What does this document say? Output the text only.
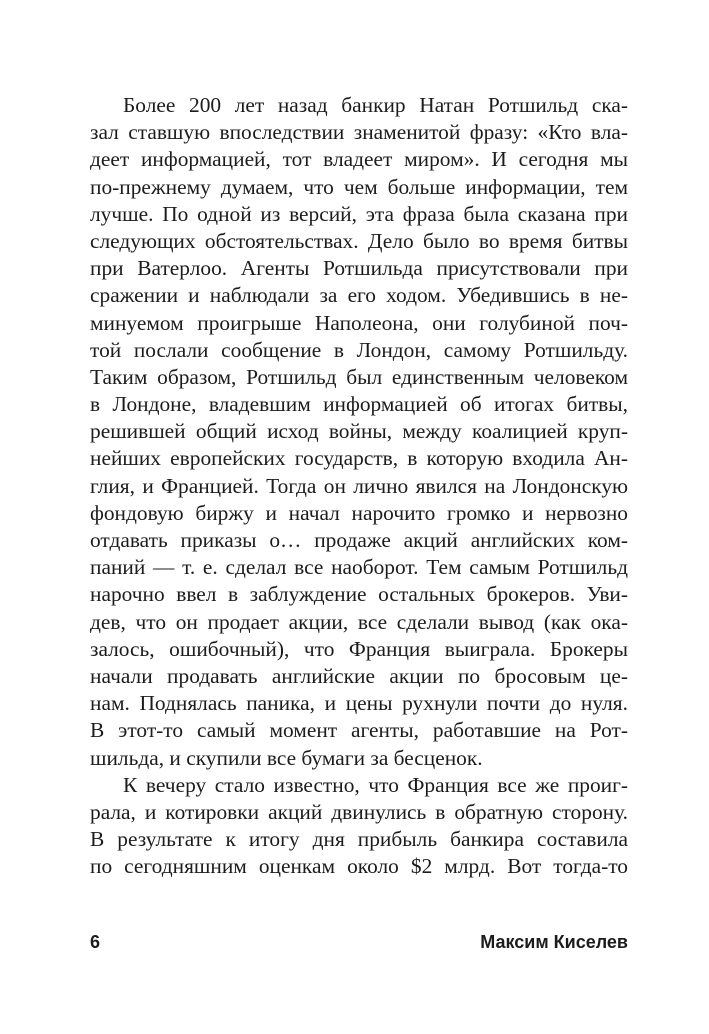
Более 200 лет назад банкир Натан Ротшильд ска-
зал ставшую впоследствии знаменитой фразу: «Кто вла-
деет информацией, тот владеет миром». И сегодня мы
по-прежнему думаем, что чем больше информации, тем
лучше. По одной из версий, эта фраза была сказана при
следующих обстоятельствах. Дело было во время битвы
при Ватерлоо. Агенты Ротшильда присутствовали при
сражении и наблюдали за его ходом. Убедившись в не-
минуемом проигрыше Наполеона, они голубиной поч-
той послали сообщение в Лондон, самому Ротшильду.
Таким образом, Ротшильд был единственным человеком
в Лондоне, владевшим информацией об итогах битвы,
решившей общий исход войны, между коалицией круп-
нейших европейских государств, в которую входила Ан-
глия, и Францией. Тогда он лично явился на Лондонскую
фондовую биржу и начал нарочито громко и нервозно
отдавать приказы о… продаже акций английских ком-
паний — т. е. сделал все наоборот. Тем самым Ротшильд
нарочно ввел в заблуждение остальных брокеров. Уви-
дев, что он продает акции, все сделали вывод (как ока-
залось, ошибочный), что Франция выиграла. Брокеры
начали продавать английские акции по бросовым це-
нам. Поднялась паника, и цены рухнули почти до нуля.
В этот-то самый момент агенты, работавшие на Рот-
шильда, и скупили все бумаги за бесценок.
К вечеру стало известно, что Франция все же проиг-
рала, и котировки акций двинулись в обратную сторону.
В результате к итогу дня прибыль банкира составила
по сегодняшним оценкам около $2 млрд. Вот тогда-то
6	Максим Киселев
